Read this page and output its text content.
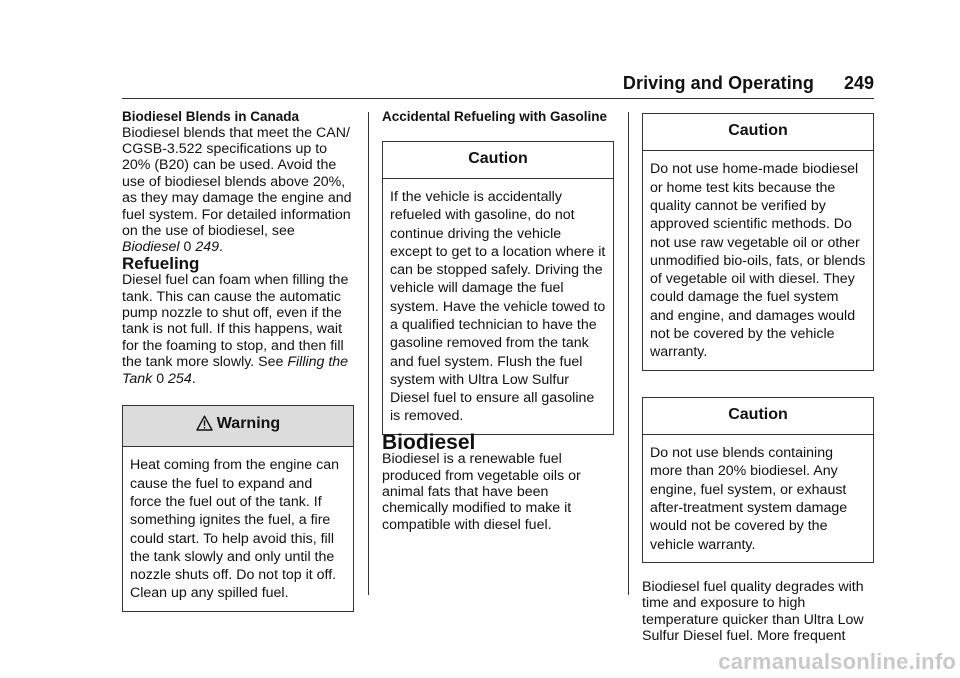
Driving and Operating 249

Biodiesel Blends in Canada

Biodiesel blends that meet the CAN/ CGSB-3.522 specifications up to 20% (B20) can be used. Avoid the use of biodiesel blends above 20%, as they may damage the engine and fuel system. For detailed information on the use of biodiesel, see Biodiesel 0 249.

Refueling

Diesel fuel can foam when filling the tank. This can cause the automatic pump nozzle to shut off, even if the tank is not full. If this happens, wait for the foaming to stop, and then fill the tank more slowly. See Filling the Tank 0 254.

Warning
Heat coming from the engine can cause the fuel to expand and force the fuel out of the tank. If something ignites the fuel, a fire could start. To help avoid this, fill the tank slowly and only until the nozzle shuts off. Do not top it off. Clean up any spilled fuel.

Accidental Refueling with Gasoline

Caution
If the vehicle is accidentally refueled with gasoline, do not continue driving the vehicle except to get to a location where it can be stopped safely. Driving the vehicle will damage the fuel system. Have the vehicle towed to a qualified technician to have the gasoline removed from the tank and fuel system. Flush the fuel system with Ultra Low Sulfur Diesel fuel to ensure all gasoline is removed.

Biodiesel

Biodiesel is a renewable fuel produced from vegetable oils or animal fats that have been chemically modified to make it compatible with diesel fuel.

Caution
Do not use home-made biodiesel or home test kits because the quality cannot be verified by approved scientific methods. Do not use raw vegetable oil or other unmodified bio-oils, fats, or blends of vegetable oil with diesel. They could damage the fuel system and engine, and damages would not be covered by the vehicle warranty.
Caution
Do not use blends containing more than 20% biodiesel. Any engine, fuel system, or exhaust after-treatment system damage would not be covered by the vehicle warranty.

Biodiesel fuel quality degrades with time and exposure to high temperature quicker than Ultra Low Sulfur Diesel fuel. More frequent

carmanualsonline.info
